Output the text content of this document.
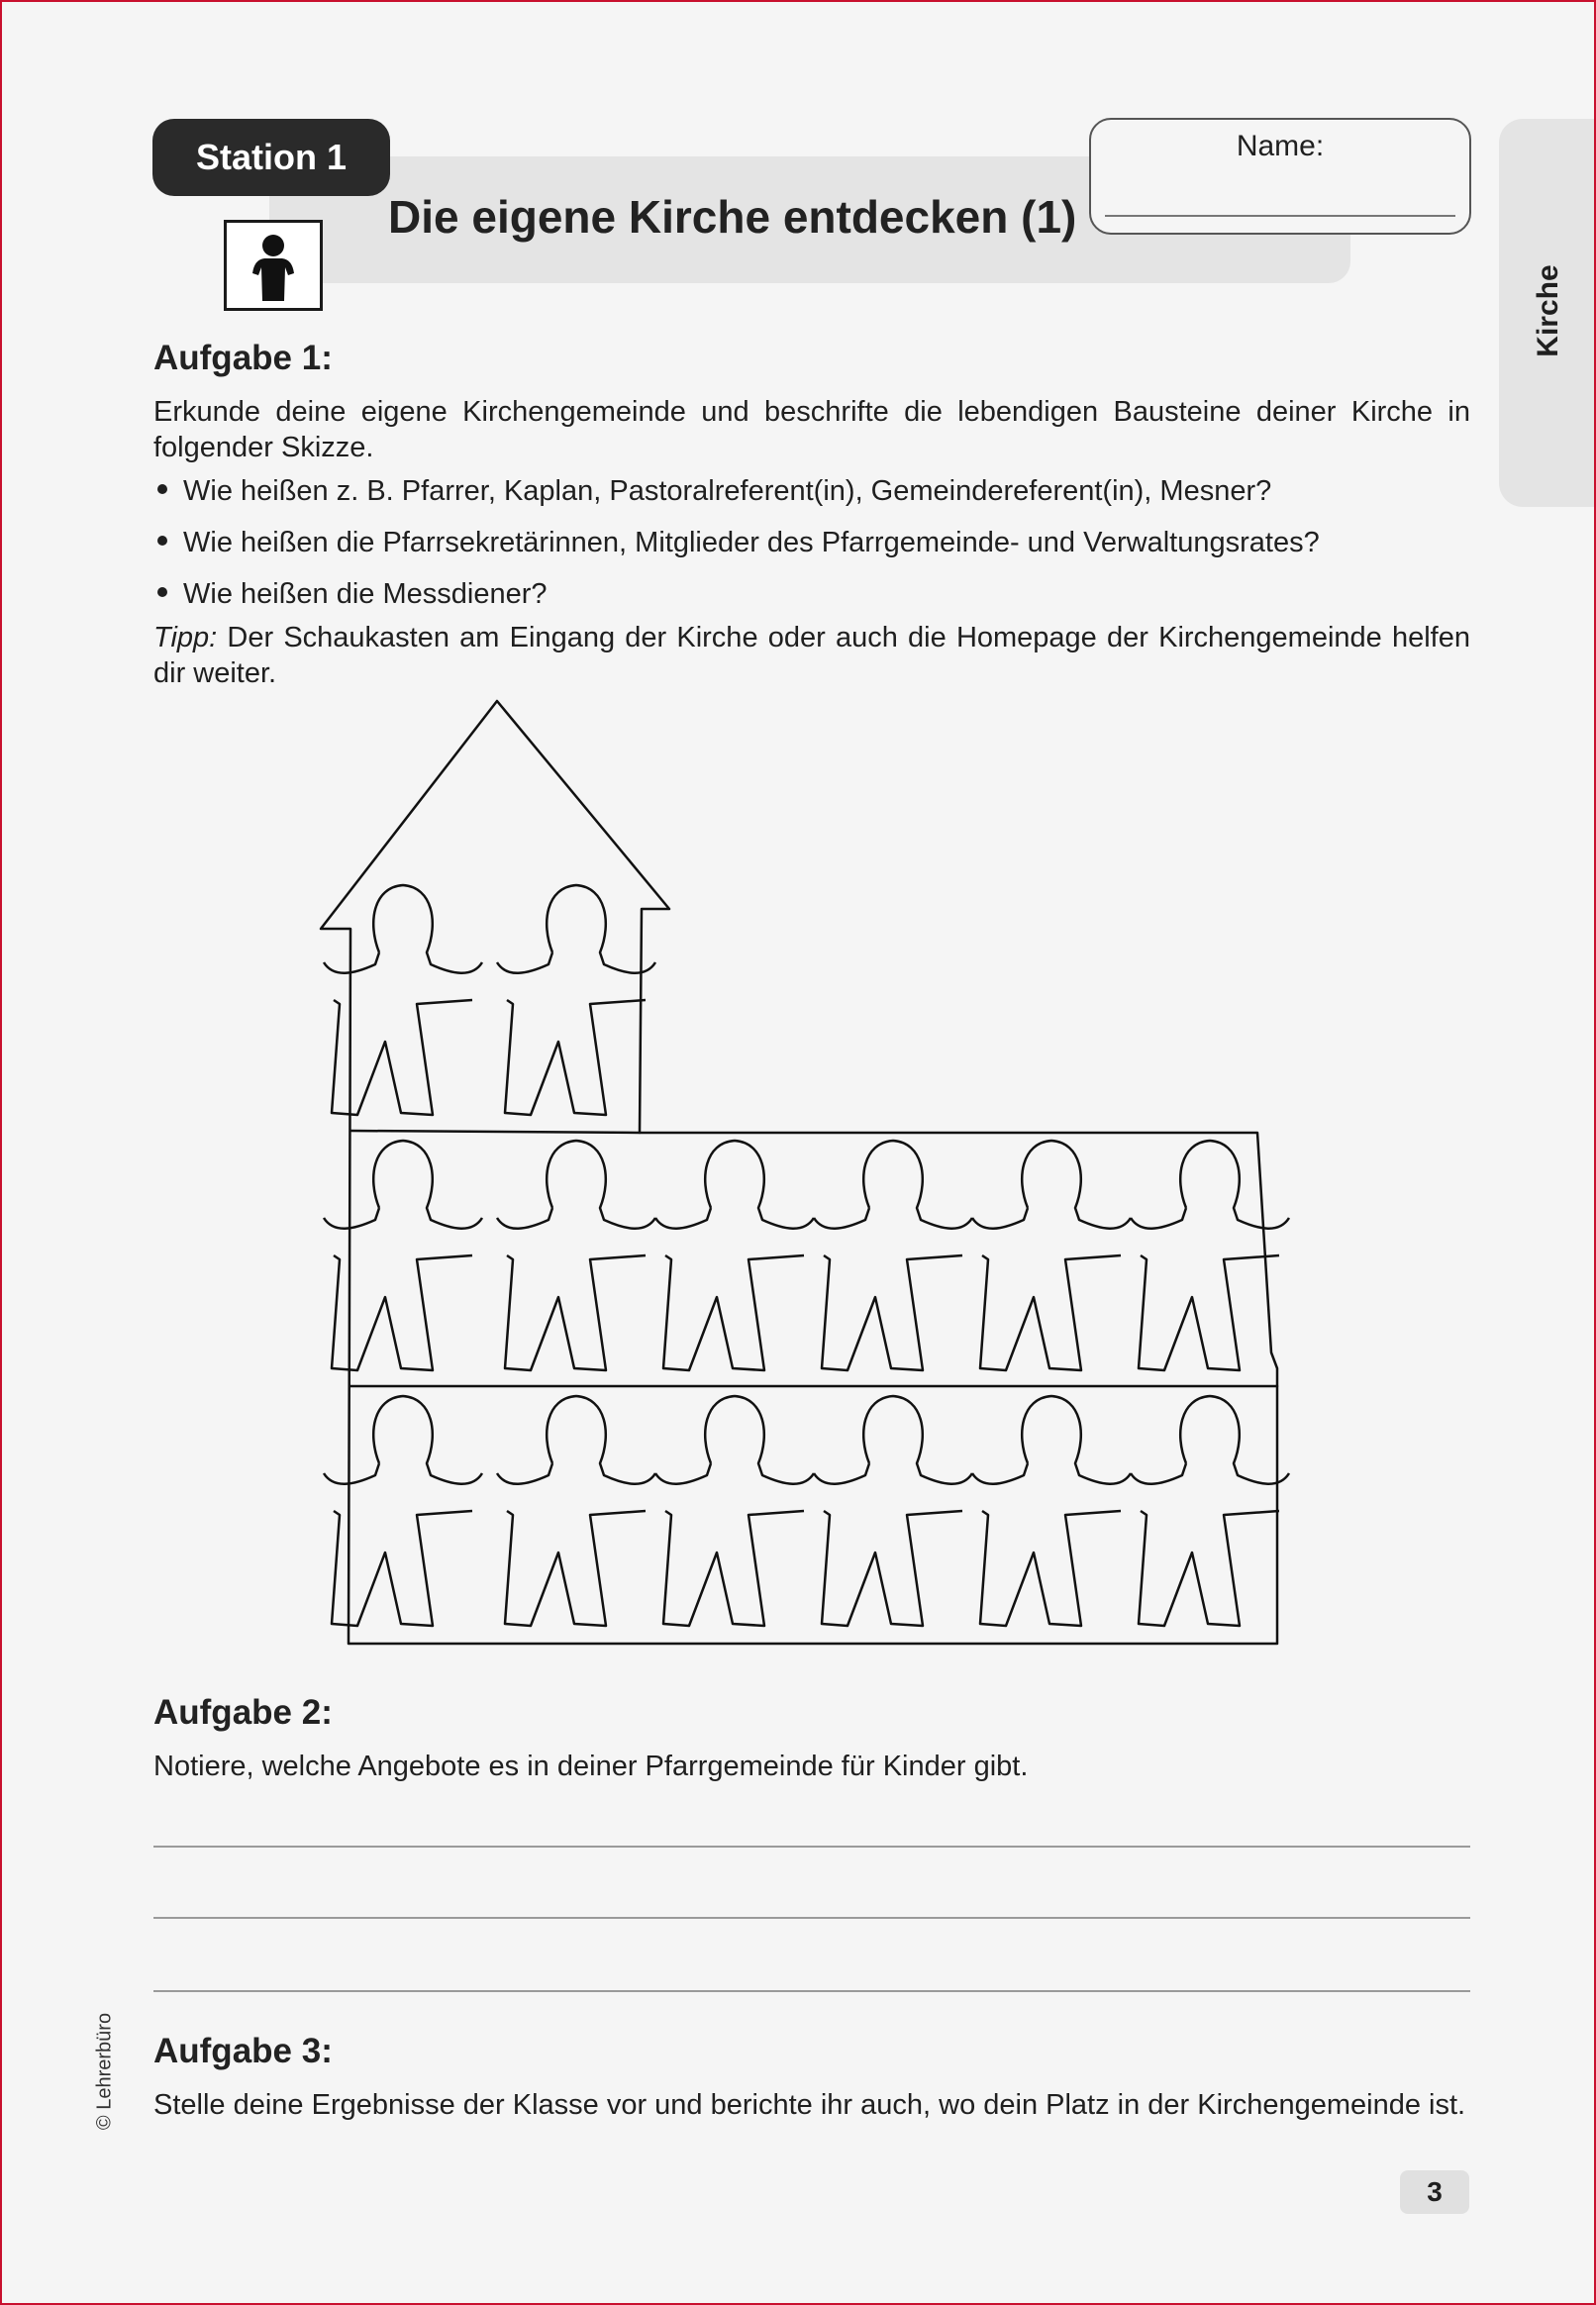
Station 1
Die eigene Kirche entdecken (1)
Name:
Kirche
Aufgabe 1:
Erkunde deine eigene Kirchengemeinde und beschrifte die lebendigen Bausteine deiner Kirche in folgender Skizze.
Wie heißen z. B. Pfarrer, Kaplan, Pastoralreferent(in), Gemeindereferent(in), Mesner?
Wie heißen die Pfarrsekretärinnen, Mitglieder des Pfarrgemeinde- und Verwaltungsrates?
Wie heißen die Messdiener?
Tipp: Der Schaukasten am Eingang der Kirche oder auch die Homepage der Kirchengemeinde helfen dir weiter.
Aufgabe 2:
Notiere, welche Angebote es in deiner Pfarrgemeinde für Kinder gibt.
Aufgabe 3:
Stelle deine Ergebnisse der Klasse vor und berichte ihr auch, wo dein Platz in der Kirchengemeinde ist.
© Lehrerbüro
3
